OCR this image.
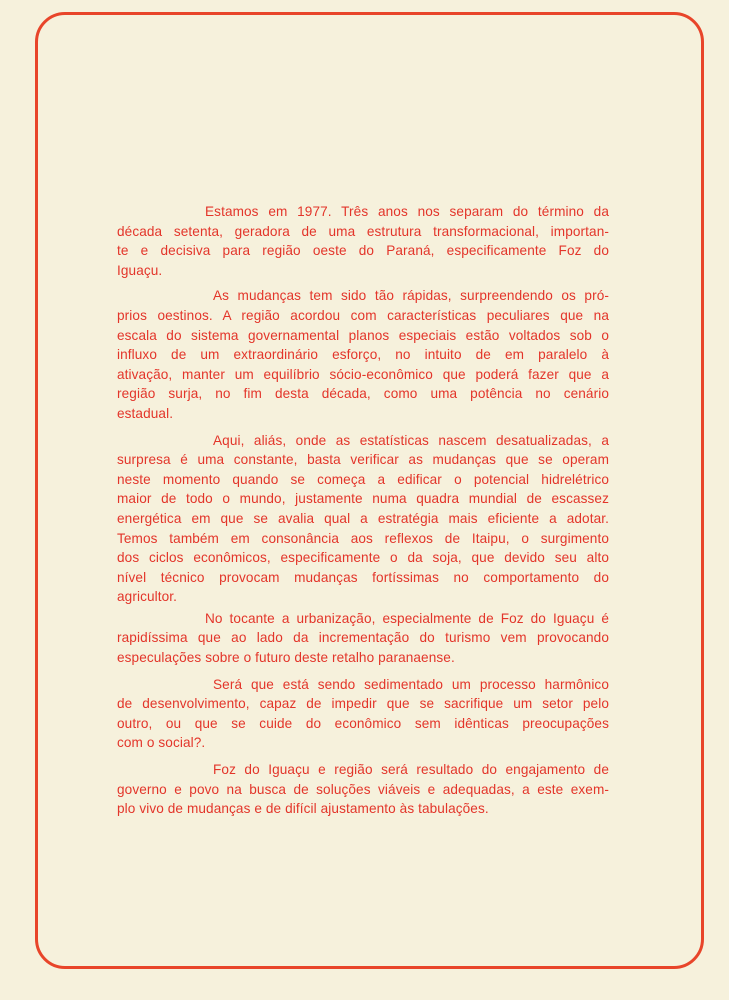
Estamos em 1977. Três anos nos separam do término da
década setenta, geradora de uma estrutura transformacional, importan-
te e decisiva para região oeste do Paraná, especificamente Foz do
Iguaçu.
As mudanças tem sido tão rápidas, surpreendendo os pró-
prios oestinos. A região acordou com características peculiares que na
escala do sistema governamental planos especiais estão voltados sob o
influxo de um extraordinário esforço, no intuito de em paralelo à
ativação, manter um equilíbrio sócio-econômico que poderá fazer que a
região surja, no fim desta década, como uma potência no cenário
estadual.
Aqui, aliás, onde as estatísticas nascem desatualizadas, a
surpresa é uma constante, basta verificar as mudanças que se operam
neste momento quando se começa a edificar o potencial hidrelétrico
maior de todo o mundo, justamente numa quadra mundial de escassez
energética em que se avalia qual a estratégia mais eficiente a adotar.
Temos também em consonância aos reflexos de Itaipu, o surgimento
dos ciclos econômicos, especificamente o da soja, que devido seu alto
nível técnico provocam mudanças fortíssimas no comportamento do
agricultor.
No tocante a urbanização, especialmente de Foz do Iguaçu é
rapidíssima que ao lado da incrementação do turismo vem provocando
especulações sobre o futuro deste retalho paranaense.
Será que está sendo sedimentado um processo harmônico
de desenvolvimento, capaz de impedir que se sacrifique um setor pelo
outro, ou que se cuide do econômico sem idênticas preocupações
com o social?.
Foz do Iguaçu e região será resultado do engajamento de
governo e povo na busca de soluções viáveis e adequadas, a este exem-
plo vivo de mudanças e de difícil ajustamento às tabulações.
